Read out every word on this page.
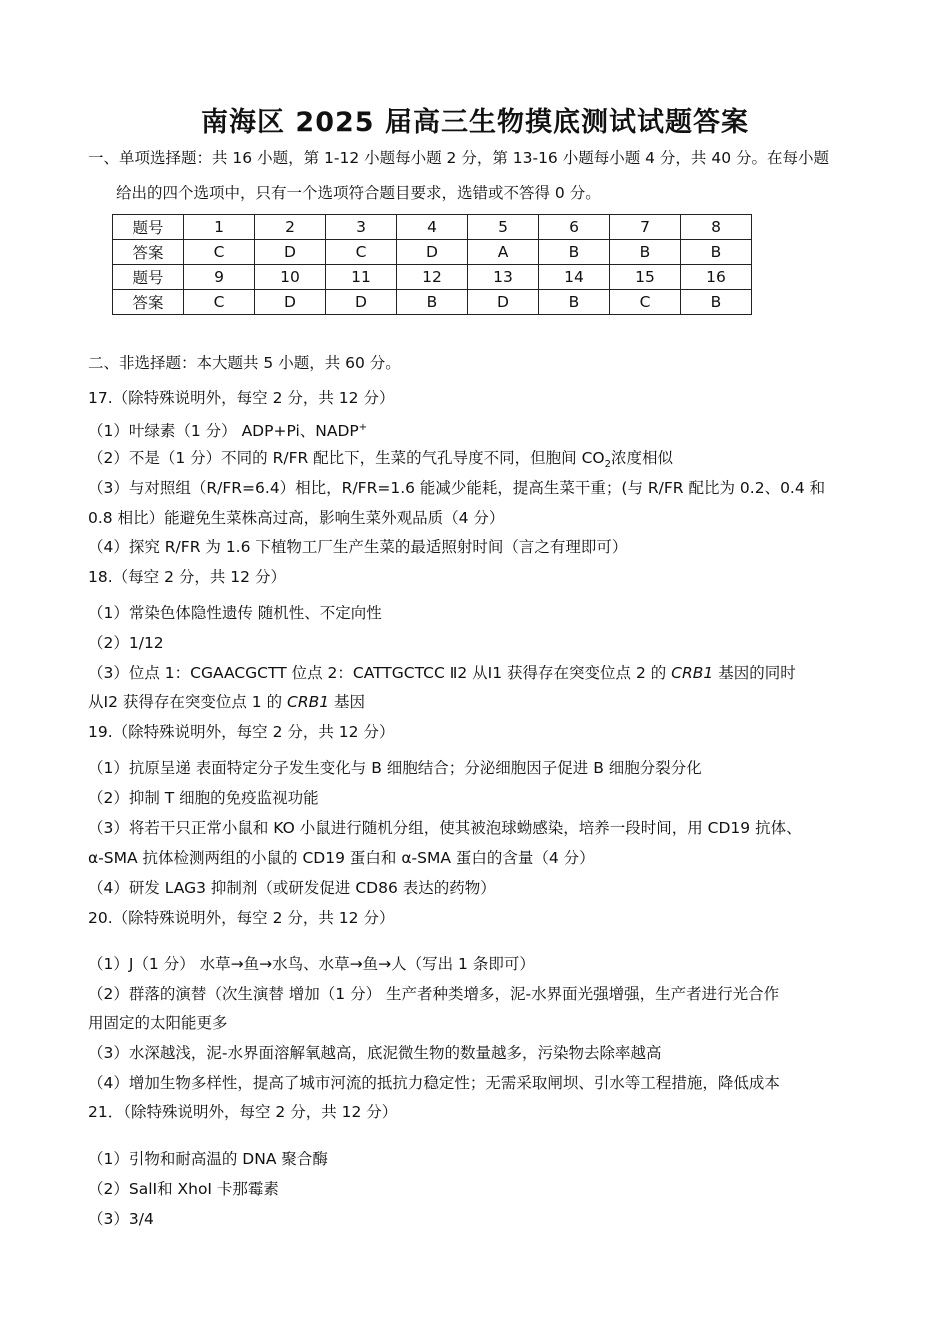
南海区 2025 届高三生物摸底测试试题答案
一、单项选择题：共 16 小题，第 1-12 小题每小题 2 分，第 13-16 小题每小题 4 分，共 40 分。在每小题
给出的四个选项中，只有一个选项符合题目要求，选错或不答得 0 分。
题号	1	2	3	4	5	6	7	8
答案	C	D	C	D	A	B	B	B
题号	9	10	11	12	13	14	15	16
答案	C	D	D	B	D	B	C	B
二、非选择题：本大题共 5 小题，共 60 分。
17.（除特殊说明外，每空 2 分，共 12 分）
（1）叶绿素（1 分） ADP+Pi、NADP+
（2）不是（1 分）不同的 R/FR 配比下，生菜的气孔导度不同，但胞间 $CO_2$浓度相似
（3）与对照组（R/FR=6.4）相比，R/FR=1.6 能减少能耗，提高生菜干重；(与 R/FR 配比为 0.2、0.4 和
0.8 相比）能避免生菜株高过高，影响生菜外观品质（4 分）
（4）探究 R/FR 为 1.6 下植物工厂生产生菜的最适照射时间（言之有理即可）
18.（每空 2 分，共 12 分）
（1）常染色体隐性遗传 随机性、不定向性
（2）1/12
（3）位点 1：CGAACGCTT 位点 2：CATTGCTCC Ⅱ2 从Ⅰ1 获得存在突变位点 2 的 CRB1 基因的同时
从Ⅰ2 获得存在突变位点 1 的 CRB1 基因
19.（除特殊说明外，每空 2 分，共 12 分）
（1）抗原呈递 表面特定分子发生变化与 B 细胞结合；分泌细胞因子促进 B 细胞分裂分化
（2）抑制 T 细胞的免疫监视功能
（3）将若干只正常小鼠和 KO 小鼠进行随机分组，使其被泡球蚴感染，培养一段时间，用 CD19 抗体、
α-SMA 抗体检测两组的小鼠的 CD19 蛋白和 α-SMA 蛋白的含量（4 分）
（4）研发 LAG3 抑制剂（或研发促进 CD86 表达的药物）
20.（除特殊说明外，每空 2 分，共 12 分）
（1）J（1 分） 水草→鱼→水鸟、水草→鱼→人（写出 1 条即可）
（2）群落的演替（次生演替 增加（1 分） 生产者种类增多，泥-水界面光强增强，生产者进行光合作
用固定的太阳能更多
（3）水深越浅，泥-水界面溶解氧越高，底泥微生物的数量越多，污染物去除率越高
（4）增加生物多样性，提高了城市河流的抵抗力稳定性；无需采取闸坝、引水等工程措施，降低成本
21．（除特殊说明外，每空 2 分，共 12 分）
（1）引物和耐高温的 DNA 聚合酶
（2）SalⅠ和 XhoⅠ 卡那霉素
（3）3/4
